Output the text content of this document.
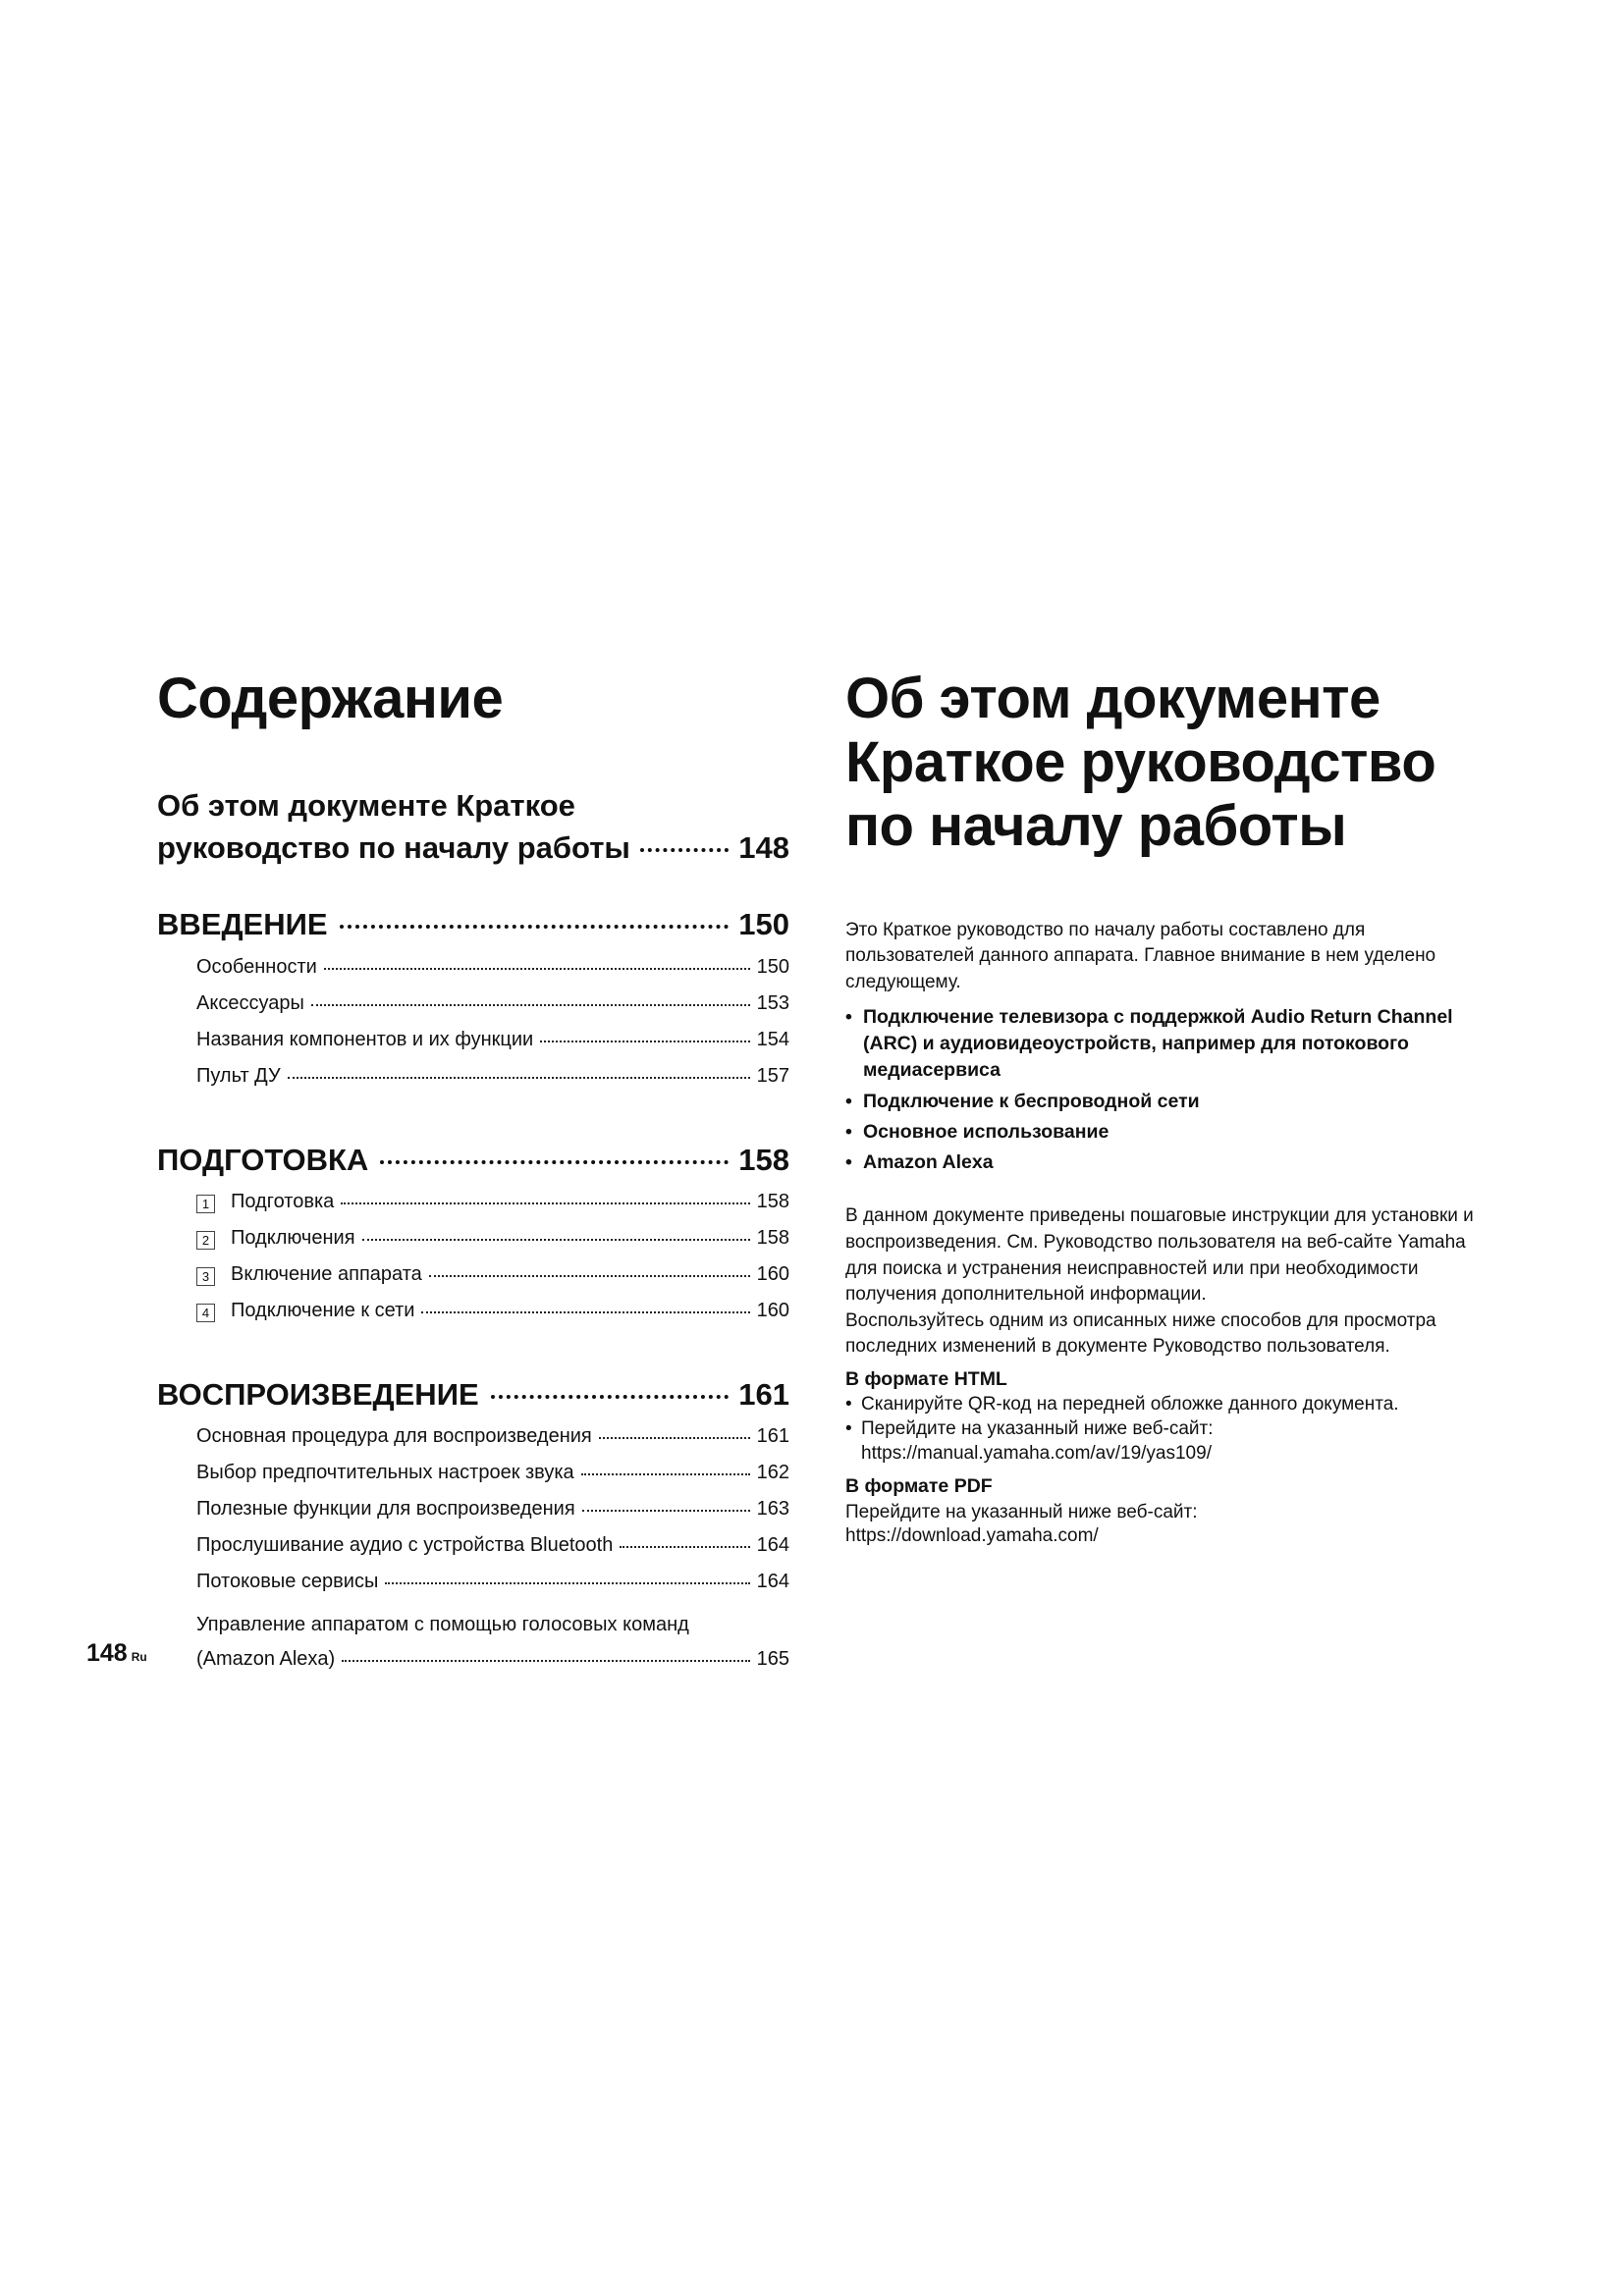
Содержание
Об этом документе Краткое
руководство по началу работы	148
ВВЕДЕНИЕ	150
Особенности	150
Аксессуары	153
Названия компонентов и их функции	154
Пульт ДУ	157
ПОДГОТОВКА	158
1 Подготовка	158
2 Подключения	158
3 Включение аппарата	160
4 Подключение к сети	160
ВОСПРОИЗВЕДЕНИЕ	161
Основная процедура для воспроизведения	161
Выбор предпочтительных настроек звука	162
Полезные функции для воспроизведения	163
Прослушивание аудио с устройства Bluetooth	164
Потоковые сервисы	164
Управление аппаратом с помощью голосовых команд
(Amazon Alexa)	165
Об этом документе
Краткое руководство
по началу работы
Это Краткое руководство по началу работы составлено для пользователей данного аппарата. Главное внимание в нем уделено следующему.
• Подключение телевизора с поддержкой Audio Return Channel (ARC) и аудиовидеоустройств, например для потокового медиасервиса
• Подключение к беспроводной сети
• Основное использование
• Amazon Alexa
В данном документе приведены пошаговые инструкции для установки и воспроизведения. См. Руководство пользователя на веб-сайте Yamaha для поиска и устранения неисправностей или при необходимости получения дополнительной информации.
Воспользуйтесь одним из описанных ниже способов для просмотра последних изменений в документе Руководство пользователя.
В формате HTML
• Сканируйте QR-код на передней обложке данного документа.
• Перейдите на указанный ниже веб-сайт:
https://manual.yamaha.com/av/19/yas109/
В формате PDF
Перейдите на указанный ниже веб-сайт:
https://download.yamaha.com/
148 Ru
